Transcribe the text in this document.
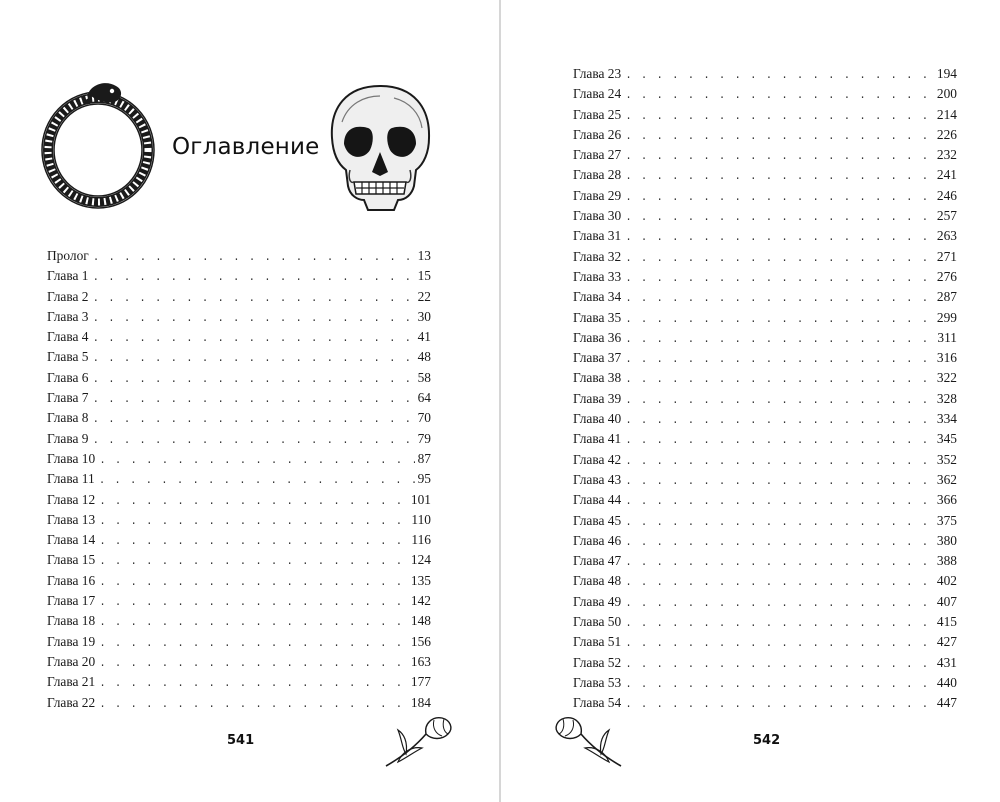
Оглавление
Пролог . . .	13
Глава 1 . . .	15
Глава 2 . . .	22
Глава 3 . . .	30
Глава 4 . . .	41
Глава 5 . . .	48
Глава 6 . . .	58
Глава 7 . . .	64
Глава 8 . . .	70
Глава 9 . . .	79
Глава 10 . . .	87
Глава 11 . . .	95
Глава 12 . . .	101
Глава 13 . . .	110
Глава 14 . . .	116
Глава 15 . . .	124
Глава 16 . . .	135
Глава 17 . . .	142
Глава 18 . . .	148
Глава 19 . . .	156
Глава 20 . . .	163
Глава 21 . . .	177
Глава 22 . . .	184
541
Глава 23 . . .	194
Глава 24 . . .	200
Глава 25 . . .	214
Глава 26 . . .	226
Глава 27 . . .	232
Глава 28 . . .	241
Глава 29 . . .	246
Глава 30 . . .	257
Глава 31 . . .	263
Глава 32 . . .	271
Глава 33 . . .	276
Глава 34 . . .	287
Глава 35 . . .	299
Глава 36 . . .	311
Глава 37 . . .	316
Глава 38 . . .	322
Глава 39 . . .	328
Глава 40 . . .	334
Глава 41 . . .	345
Глава 42 . . .	352
Глава 43 . . .	362
Глава 44 . . .	366
Глава 45 . . .	375
Глава 46 . . .	380
Глава 47 . . .	388
Глава 48 . . .	402
Глава 49 . . .	407
Глава 50 . . .	415
Глава 51 . . .	427
Глава 52 . . .	431
Глава 53 . . .	440
Глава 54 . . .	447
542
